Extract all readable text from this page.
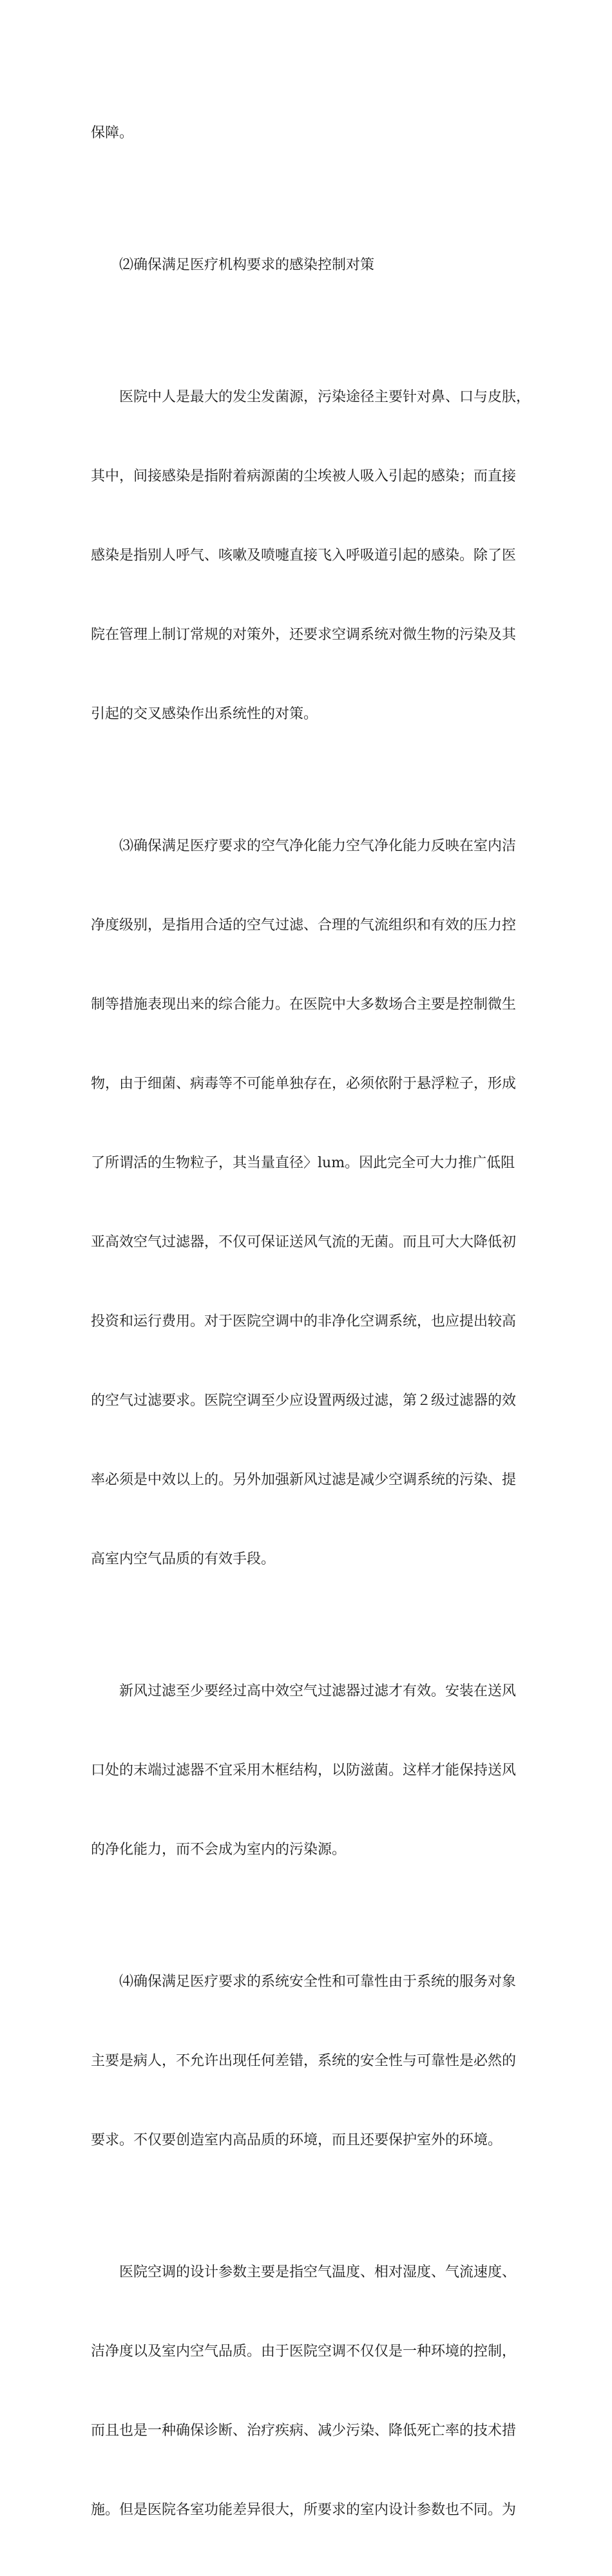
保障。

　　⑵确保满足医疗机构要求的感染控制对策

　　医院中人是最大的发尘发菌源，污染途径主要针对鼻、口与皮肤，

其中，间接感染是指附着病源菌的尘埃被人吸入引起的感染；而直接

感染是指别人呼气、咳嗽及喷嚏直接飞入呼吸道引起的感染。除了医

院在管理上制订常规的对策外，还要求空调系统对微生物的污染及其

引起的交叉感染作出系统性的对策。

　　⑶确保满足医疗要求的空气净化能力空气净化能力反映在室内洁

净度级别，是指用合适的空气过滤、合理的气流组织和有效的压力控

制等措施表现出来的综合能力。在医院中大多数场合主要是控制微生

物，由于细菌、病毒等不可能单独存在，必须依附于悬浮粒子，形成

了所谓活的生物粒子，其当量直径〉lum。因此完全可大力推广低阻

亚高效空气过滤器，不仅可保证送风气流的无菌。而且可大大降低初

投资和运行费用。对于医院空调中的非净化空调系统，也应提出较高

的空气过滤要求。医院空调至少应设置两级过滤，第２级过滤器的效

率必须是中效以上的。另外加强新风过滤是减少空调系统的污染、提

高室内空气品质的有效手段。

　　新风过滤至少要经过高中效空气过滤器过滤才有效。安装在送风

口处的末端过滤器不宜采用木框结构，以防滋菌。这样才能保持送风

的净化能力，而不会成为室内的污染源。

　　⑷确保满足医疗要求的系统安全性和可靠性由于系统的服务对象

主要是病人，不允许出现任何差错，系统的安全性与可靠性是必然的

要求。不仅要创造室内高品质的环境，而且还要保护室外的环境。

　　医院空调的设计参数主要是指空气温度、相对湿度、气流速度、

洁净度以及室内空气品质。由于医院空调不仅仅是一种环境的控制，

而且也是一种确保诊断、治疗疾病、减少污染、降低死亡率的技术措

施。但是医院各室功能差异很大，所要求的室内设计参数也不同。为
